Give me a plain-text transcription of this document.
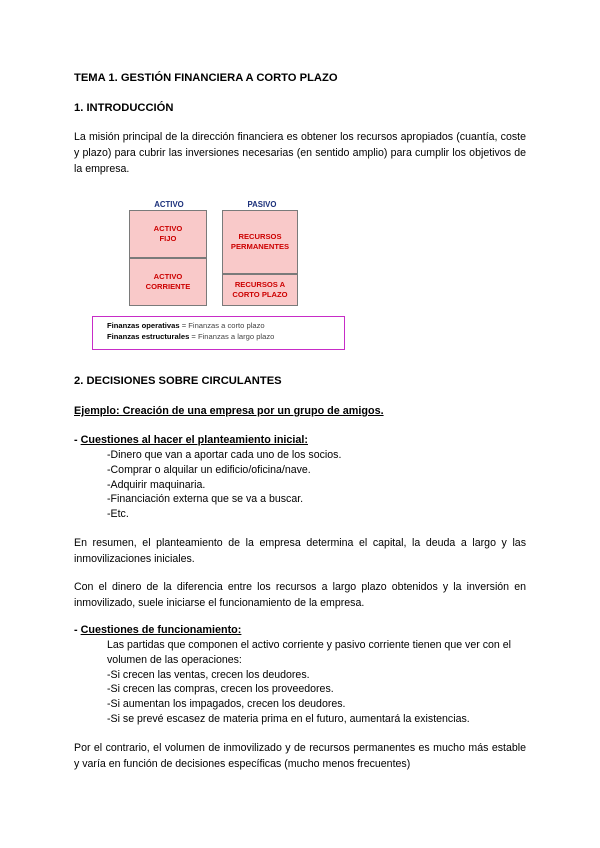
TEMA 1. GESTIÓN FINANCIERA A CORTO PLAZO
1. INTRODUCCIÓN
La misión principal de la dirección financiera es obtener los recursos apropiados (cuantía, coste y plazo) para cubrir las inversiones necesarias (en sentido amplio) para cumplir los objetivos de la empresa.
ACTIVO	PASIVO
ACTIVO FIJO
ACTIVO CORRIENTE
RECURSOS PERMANENTES
RECURSOS A CORTO PLAZO
Finanzas operativas = Finanzas a corto plazo
Finanzas estructurales = Finanzas a largo plazo
2. DECISIONES SOBRE CIRCULANTES
Ejemplo: Creación de una empresa por un grupo de amigos.
- Cuestiones al hacer el planteamiento inicial:
-Dinero que van a aportar cada uno de los socios.
-Comprar o alquilar un edificio/oficina/nave.
-Adquirir maquinaria.
-Financiación externa que se va a buscar.
-Etc.
En resumen, el planteamiento de la empresa determina el capital, la deuda a largo y las inmovilizaciones iniciales.
Con el dinero de la diferencia entre los recursos a largo plazo obtenidos y la inversión en inmovilizado, suele iniciarse el funcionamiento de la empresa.
- Cuestiones de funcionamiento:
Las partidas que componen el activo corriente y pasivo corriente tienen que ver con el volumen de las operaciones:
-Si crecen las ventas, crecen los deudores.
-Si crecen las compras, crecen los proveedores.
-Si aumentan los impagados, crecen los deudores.
-Si se prevé escasez de materia prima en el futuro, aumentará la existencias.
Por el contrario, el volumen de inmovilizado y de recursos permanentes es mucho más estable y varía en función de decisiones específicas (mucho menos frecuentes)
